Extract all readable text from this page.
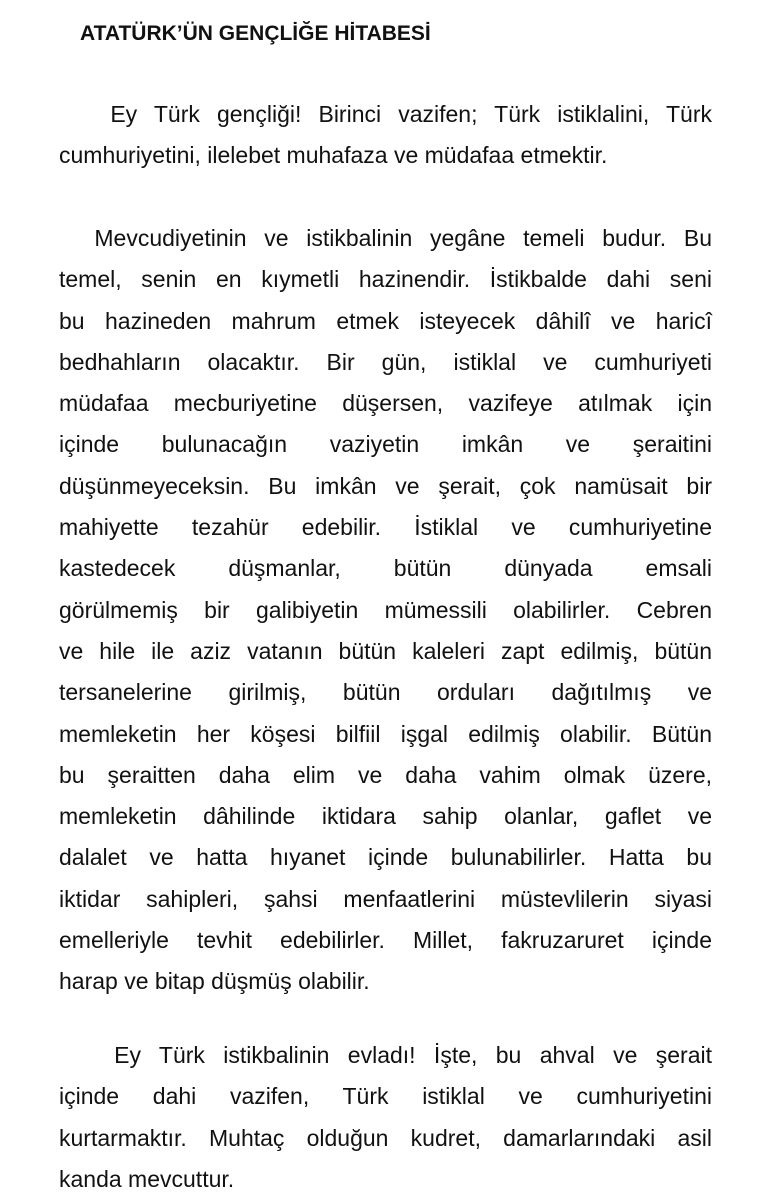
ATATÜRK’ÜN GENÇLİĞE HİTABESİ
Ey Türk gençliği! Birinci vazifen; Türk istiklalini, Türk
cumhuriyetini, ilelebet muhafaza ve müdafaa etmektir.
Mevcudiyetinin ve istikbalinin yegâne temeli budur. Bu
temel, senin en kıymetli hazinendir. İstikbalde dahi seni
bu hazineden mahrum etmek isteyecek dâhilî ve haricî
bedhahların olacaktır. Bir gün, istiklal ve cumhuriyeti
müdafaa mecburiyetine düşersen, vazifeye atılmak için
içinde bulunacağın vaziyetin imkân ve şeraitini
düşünmeyeceksin. Bu imkân ve şerait, çok namüsait bir
mahiyette tezahür edebilir. İstiklal ve cumhuriyetine
kastedecek düşmanlar, bütün dünyada emsali
görülmemiş bir galibiyetin mümessili olabilirler. Cebren
ve hile ile aziz vatanın bütün kaleleri zapt edilmiş, bütün
tersanelerine girilmiş, bütün orduları dağıtılmış ve
memleketin her köşesi bilfiil işgal edilmiş olabilir. Bütün
bu şeraitten daha elim ve daha vahim olmak üzere,
memleketin dâhilinde iktidara sahip olanlar, gaflet ve
dalalet ve hatta hıyanet içinde bulunabilirler. Hatta bu
iktidar sahipleri, şahsi menfaatlerini müstevlilerin siyasi
emelleriyle tevhit edebilirler. Millet, fakruzaruret içinde
harap ve bitap düşmüş olabilir.
Ey Türk istikbalinin evladı! İşte, bu ahval ve şerait
içinde dahi vazifen, Türk istiklal ve cumhuriyetini
kurtarmaktır. Muhtaç olduğun kudret, damarlarındaki asil
kanda mevcuttur.
